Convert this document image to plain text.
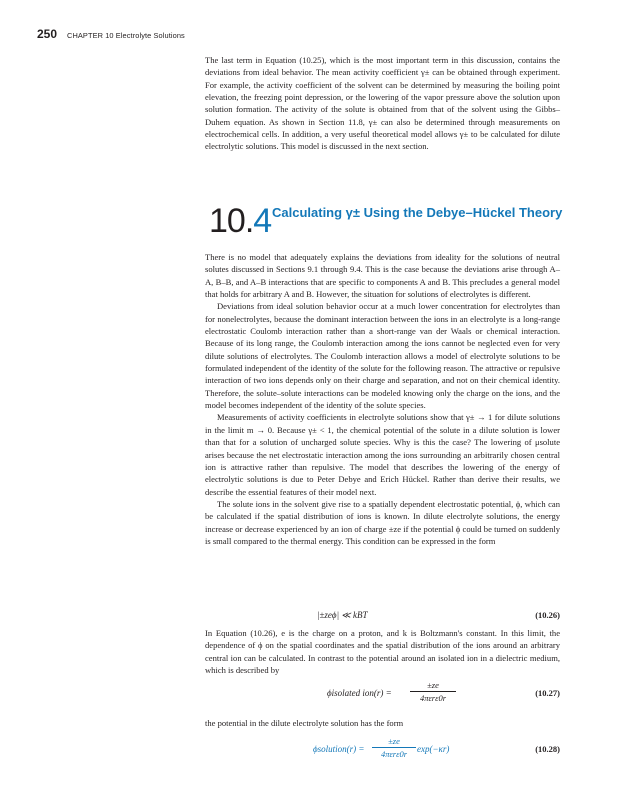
250 CHAPTER 10 Electrolyte Solutions

The last term in Equation (10.25), which is the most important term in this discussion, contains the deviations from ideal behavior. The mean activity coefficient γ± can be obtained through experiment. For example, the activity coefficient of the solvent can be determined by measuring the boiling point elevation, the freezing point depression, or the lowering of the vapor pressure above the solution upon solution formation. The activity of the solute is obtained from that of the solvent using the Gibbs–Duhem equation. As shown in Section 11.8, γ± can also be determined through measurements on electrochemical cells. In addition, a very useful theoretical model allows γ± to be calculated for dilute electrolytic solutions. This model is discussed in the next section.

10.4 Calculating γ± Using the Debye–Hückel Theory

There is no model that adequately explains the deviations from ideality for the solutions of neutral solutes discussed in Sections 9.1 through 9.4. This is the case because the deviations arise through A–A, B–B, and A–B interactions that are specific to components A and B. This precludes a general model that holds for arbitrary A and B. However, the situation for solutions of electrolytes is different.

Deviations from ideal solution behavior occur at a much lower concentration for electrolytes than for nonelectrolytes, because the dominant interaction between the ions in an electrolyte is a long-range electrostatic Coulomb interaction rather than a short-range van der Waals or chemical interaction. Because of its long range, the Coulomb interaction among the ions cannot be neglected even for very dilute solutions of electrolytes. The Coulomb interaction allows a model of electrolyte solutions to be formulated independent of the identity of the solute for the following reason. The attractive or repulsive interaction of two ions depends only on their charge and separation, and not on their chemical identity. Therefore, the solute–solute interactions can be modeled knowing only the charge on the ions, and the model becomes independent of the identity of the solute species.

Measurements of activity coefficients in electrolyte solutions show that γ± → 1 for dilute solutions in the limit m → 0. Because γ± < 1, the chemical potential of the solute in a dilute solution is lower than that for a solution of uncharged solute species. Why is this the case? The lowering of μsolute arises because the net electrostatic interaction among the ions surrounding an arbitrarily chosen central ion is attractive rather than repulsive. The model that describes the lowering of the energy of electrolytic solutions is due to Peter Debye and Erich Hückel. Rather than derive their results, we describe the essential features of their model next.

The solute ions in the solvent give rise to a spatially dependent electrostatic potential, ϕ, which can be calculated if the spatial distribution of ions is known. In dilute electrolyte solutions, the energy increase or decrease experienced by an ion of charge ±ze if the potential ϕ could be turned on suddenly is small compared to the thermal energy. This condition can be expressed in the form

|±zeϕ| ≪ kBT	(10.26)

In Equation (10.26), e is the charge on a proton, and k is Boltzmann's constant. In this limit, the dependence of ϕ on the spatial coordinates and the spatial distribution of the ions around an arbitrary central ion can be calculated. In contrast to the potential around an isolated ion in a dielectric medium, which is described by

ϕisolated ion(r) =
±ze
4πεrε0r	(10.27)

the potential in the dilute electrolyte solution has the form

ϕsolution(r) =
±ze
4πεrε0r	exp(−κr)	(10.28)
